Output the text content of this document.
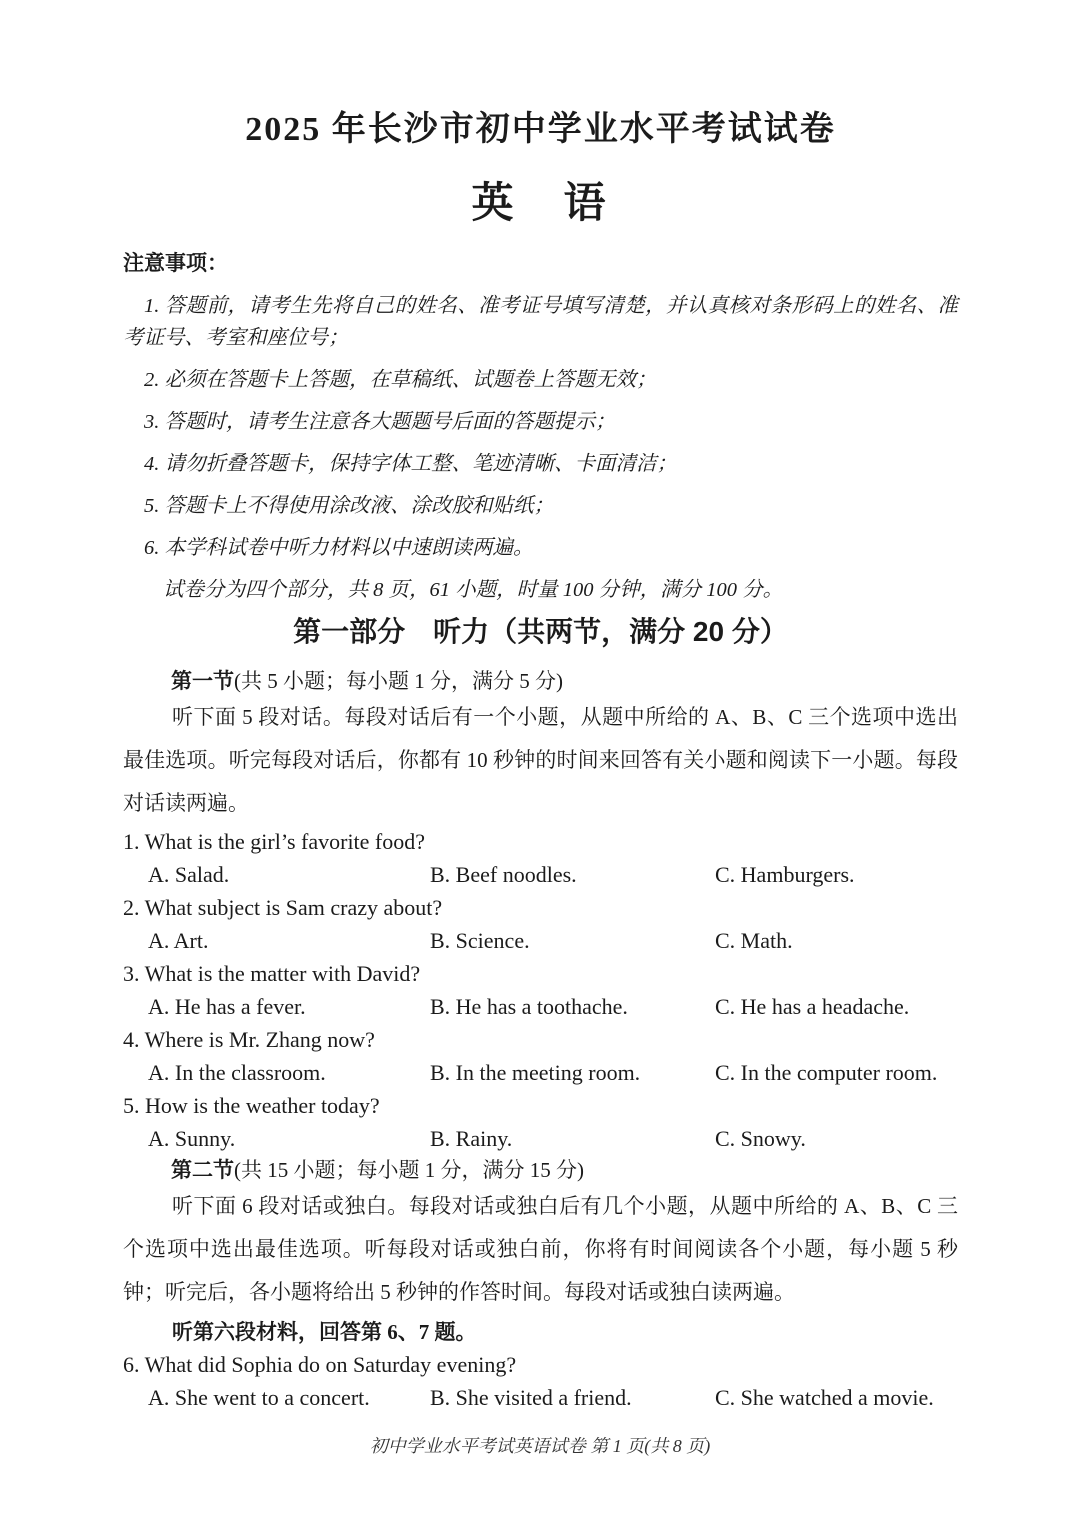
2025 年长沙市初中学业水平考试试卷
英　语
注意事项：

1. 答题前，请考生先将自己的姓名、准考证号填写清楚，并认真核对条形码上的姓名、准考证号、考室和座位号；

2. 必须在答题卡上答题，在草稿纸、试题卷上答题无效；

3. 答题时，请考生注意各大题题号后面的答题提示；

4. 请勿折叠答题卡，保持字体工整、笔迹清晰、卡面清洁；

5. 答题卡上不得使用涂改液、涂改胶和贴纸；

6. 本学科试卷中听力材料以中速朗读两遍。

试卷分为四个部分，共 8 页，61 小题，时量 100 分钟，满分 100 分。

第一部分　听力（共两节，满分 20 分）

第一节(共 5 小题；每小题 1 分，满分 5 分)

听下面 5 段对话。每段对话后有一个小题，从题中所给的 A、B、C 三个选项中选出最佳选项。听完每段对话后，你都有 10 秒钟的时间来回答有关小题和阅读下一小题。每段对话读两遍。

1. What is the girl’s favorite food?

A. Salad.	B. Beef noodles.	C. Hamburgers.

2. What subject is Sam crazy about?

A. Art.	B. Science.	C. Math.

3. What is the matter with David?

A. He has a fever.	B. He has a toothache.	C. He has a headache.

4. Where is Mr. Zhang now?

A. In the classroom.	B. In the meeting room.	C. In the computer room.

5. How is the weather today?

A. Sunny.	B. Rainy.	C. Snowy.

第二节(共 15 小题；每小题 1 分，满分 15 分)

听下面 6 段对话或独白。每段对话或独白后有几个小题，从题中所给的 A、B、C 三个选项中选出最佳选项。听每段对话或独白前，你将有时间阅读各个小题，每小题 5 秒钟；听完后，各小题将给出 5 秒钟的作答时间。每段对话或独白读两遍。

听第六段材料，回答第 6、7 题。

6. What did Sophia do on Saturday evening?

A. She went to a concert.	B. She visited a friend.	C. She watched a movie.
初中学业水平考试英语试卷 第 1 页(共 8 页)
